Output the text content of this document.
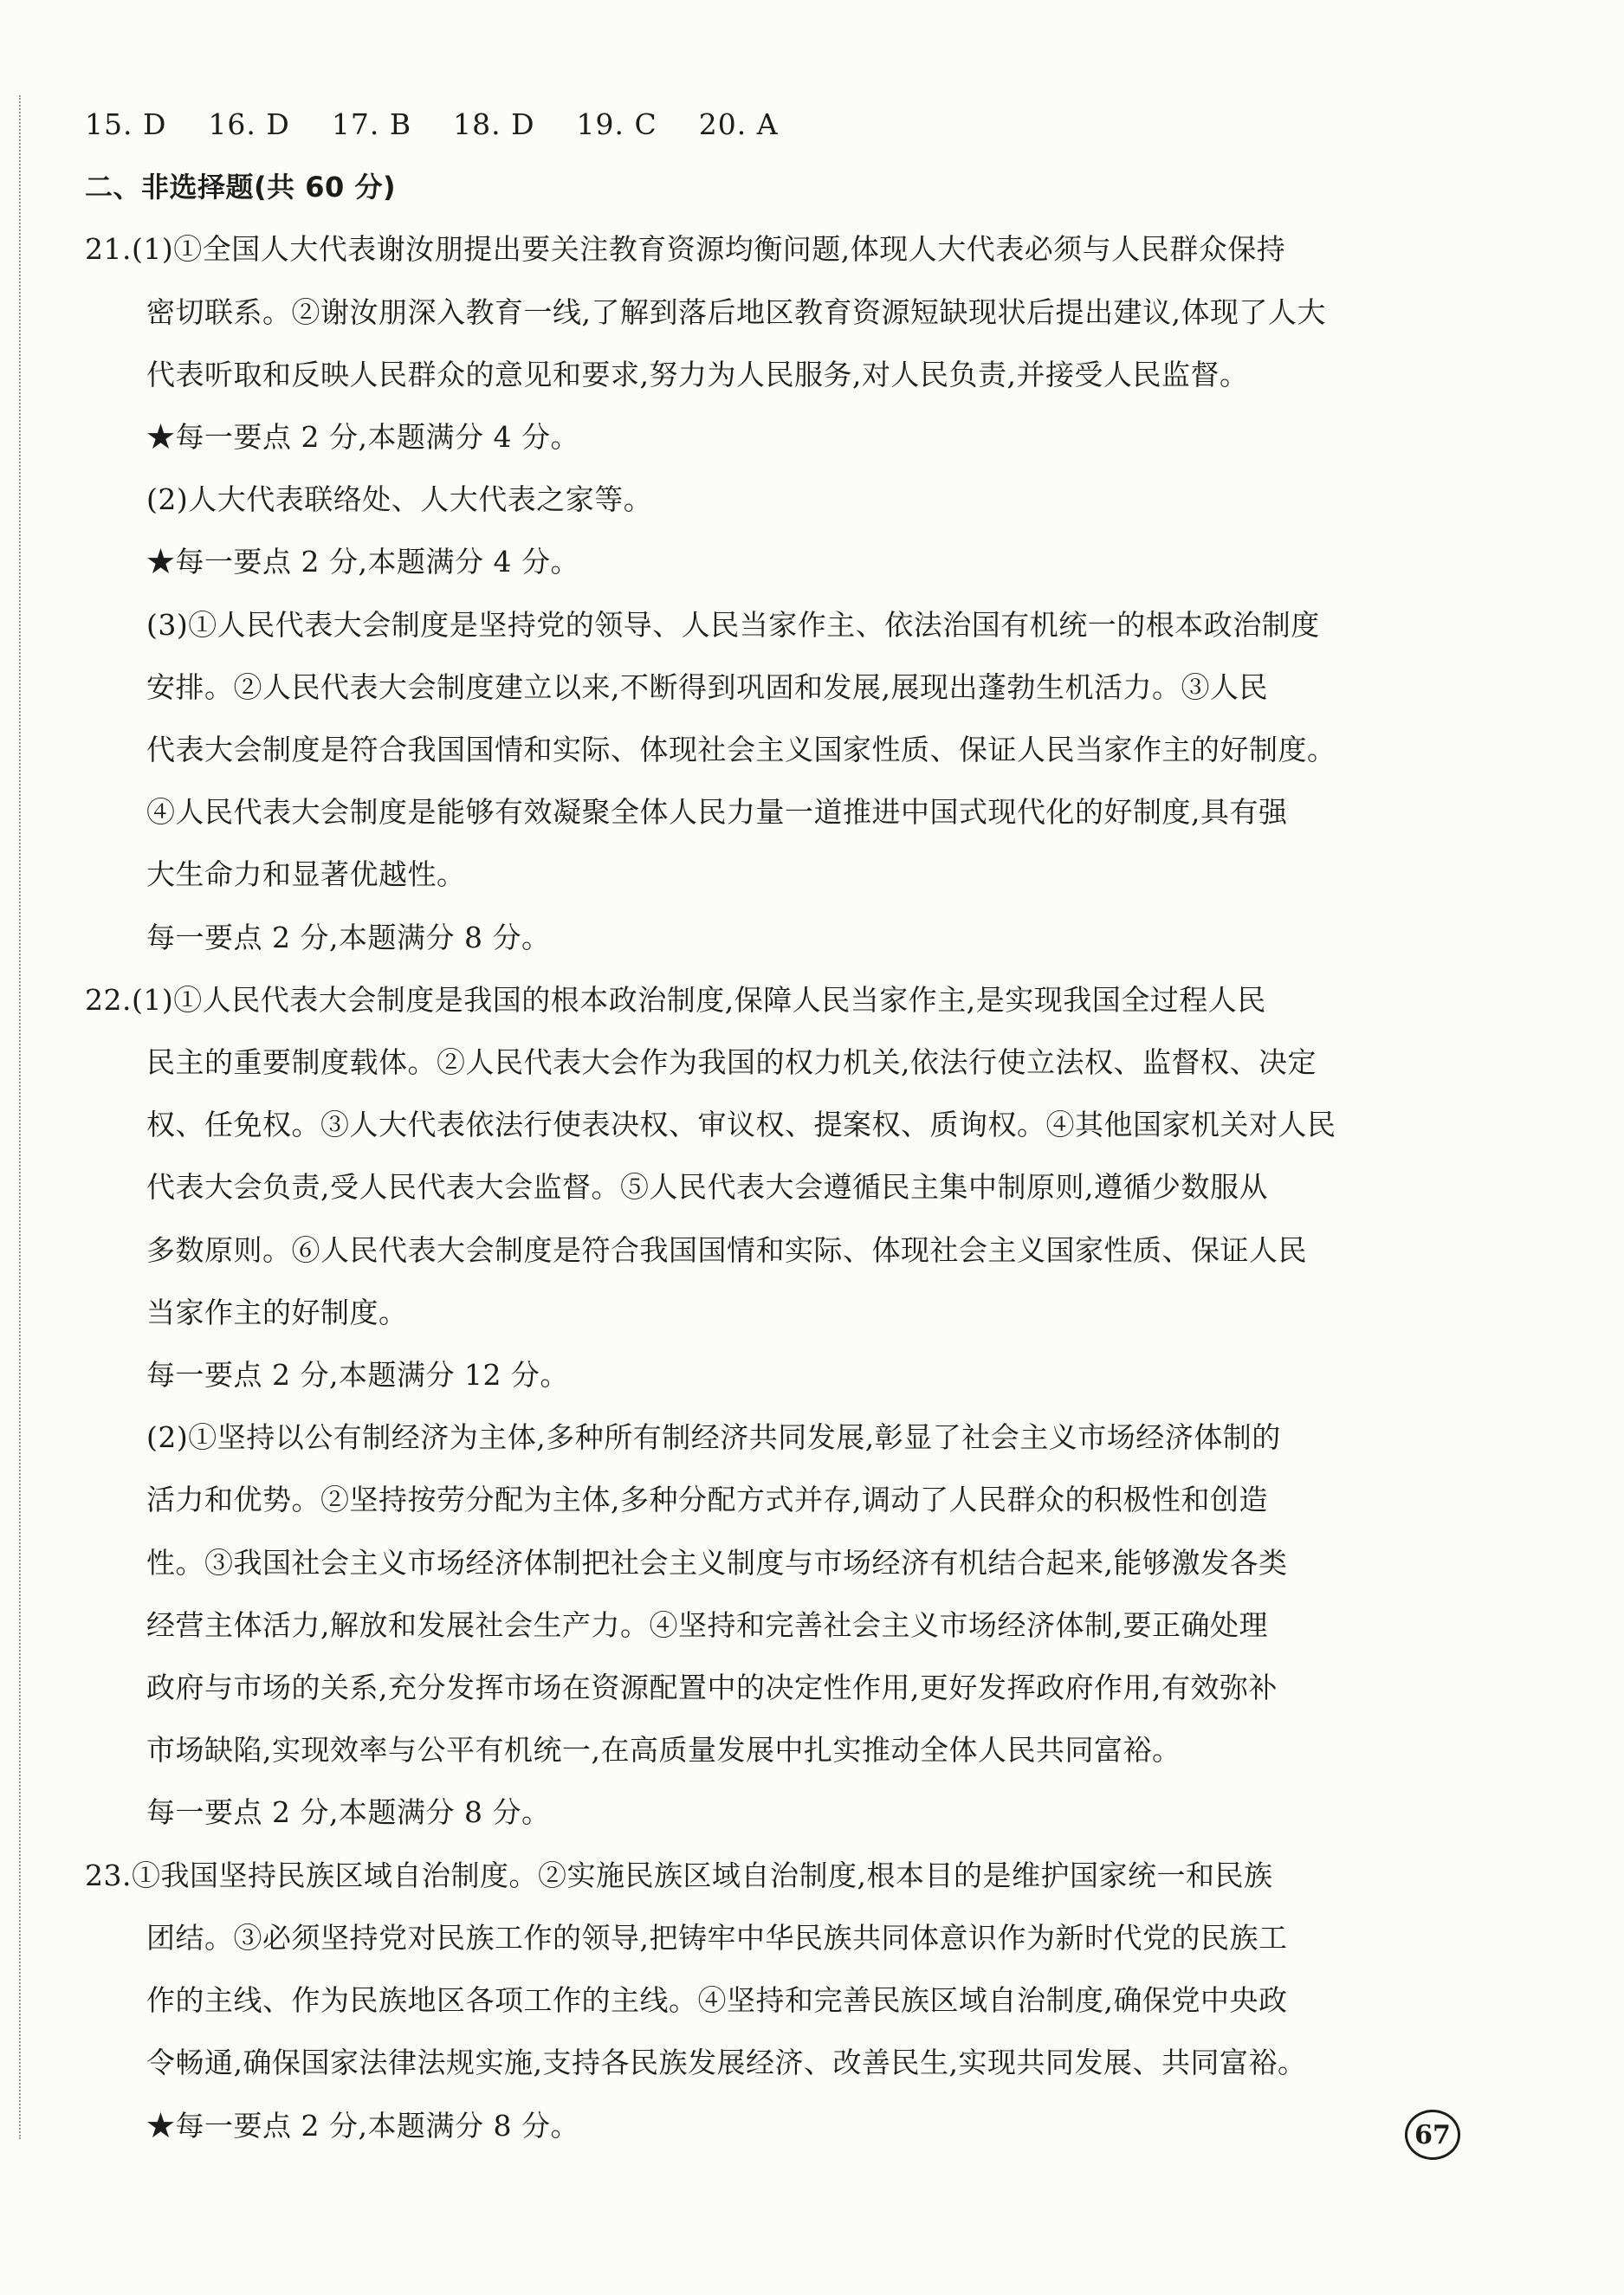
15. D 16. D 17. B 18. D 19. C 20. A
二、非选择题(共 60 分)
21.(1)①全国人大代表谢汝朋提出要关注教育资源均衡问题,体现人大代表必须与人民群众保持
密切联系。②谢汝朋深入教育一线,了解到落后地区教育资源短缺现状后提出建议,体现了人大
代表听取和反映人民群众的意见和要求,努力为人民服务,对人民负责,并接受人民监督。
★每一要点 2 分,本题满分 4 分。
(2)人大代表联络处、人大代表之家等。
★每一要点 2 分,本题满分 4 分。
(3)①人民代表大会制度是坚持党的领导、人民当家作主、依法治国有机统一的根本政治制度
安排。②人民代表大会制度建立以来,不断得到巩固和发展,展现出蓬勃生机活力。③人民
代表大会制度是符合我国国情和实际、体现社会主义国家性质、保证人民当家作主的好制度。
④人民代表大会制度是能够有效凝聚全体人民力量一道推进中国式现代化的好制度,具有强
大生命力和显著优越性。
每一要点 2 分,本题满分 8 分。
22.(1)①人民代表大会制度是我国的根本政治制度,保障人民当家作主,是实现我国全过程人民
民主的重要制度载体。②人民代表大会作为我国的权力机关,依法行使立法权、监督权、决定
权、任免权。③人大代表依法行使表决权、审议权、提案权、质询权。④其他国家机关对人民
代表大会负责,受人民代表大会监督。⑤人民代表大会遵循民主集中制原则,遵循少数服从
多数原则。⑥人民代表大会制度是符合我国国情和实际、体现社会主义国家性质、保证人民
当家作主的好制度。
每一要点 2 分,本题满分 12 分。
(2)①坚持以公有制经济为主体,多种所有制经济共同发展,彰显了社会主义市场经济体制的
活力和优势。②坚持按劳分配为主体,多种分配方式并存,调动了人民群众的积极性和创造
性。③我国社会主义市场经济体制把社会主义制度与市场经济有机结合起来,能够激发各类
经营主体活力,解放和发展社会生产力。④坚持和完善社会主义市场经济体制,要正确处理
政府与市场的关系,充分发挥市场在资源配置中的决定性作用,更好发挥政府作用,有效弥补
市场缺陷,实现效率与公平有机统一,在高质量发展中扎实推动全体人民共同富裕。
每一要点 2 分,本题满分 8 分。
23.①我国坚持民族区域自治制度。②实施民族区域自治制度,根本目的是维护国家统一和民族
团结。③必须坚持党对民族工作的领导,把铸牢中华民族共同体意识作为新时代党的民族工
作的主线、作为民族地区各项工作的主线。④坚持和完善民族区域自治制度,确保党中央政
令畅通,确保国家法律法规实施,支持各民族发展经济、改善民生,实现共同发展、共同富裕。
★每一要点 2 分,本题满分 8 分。	67
